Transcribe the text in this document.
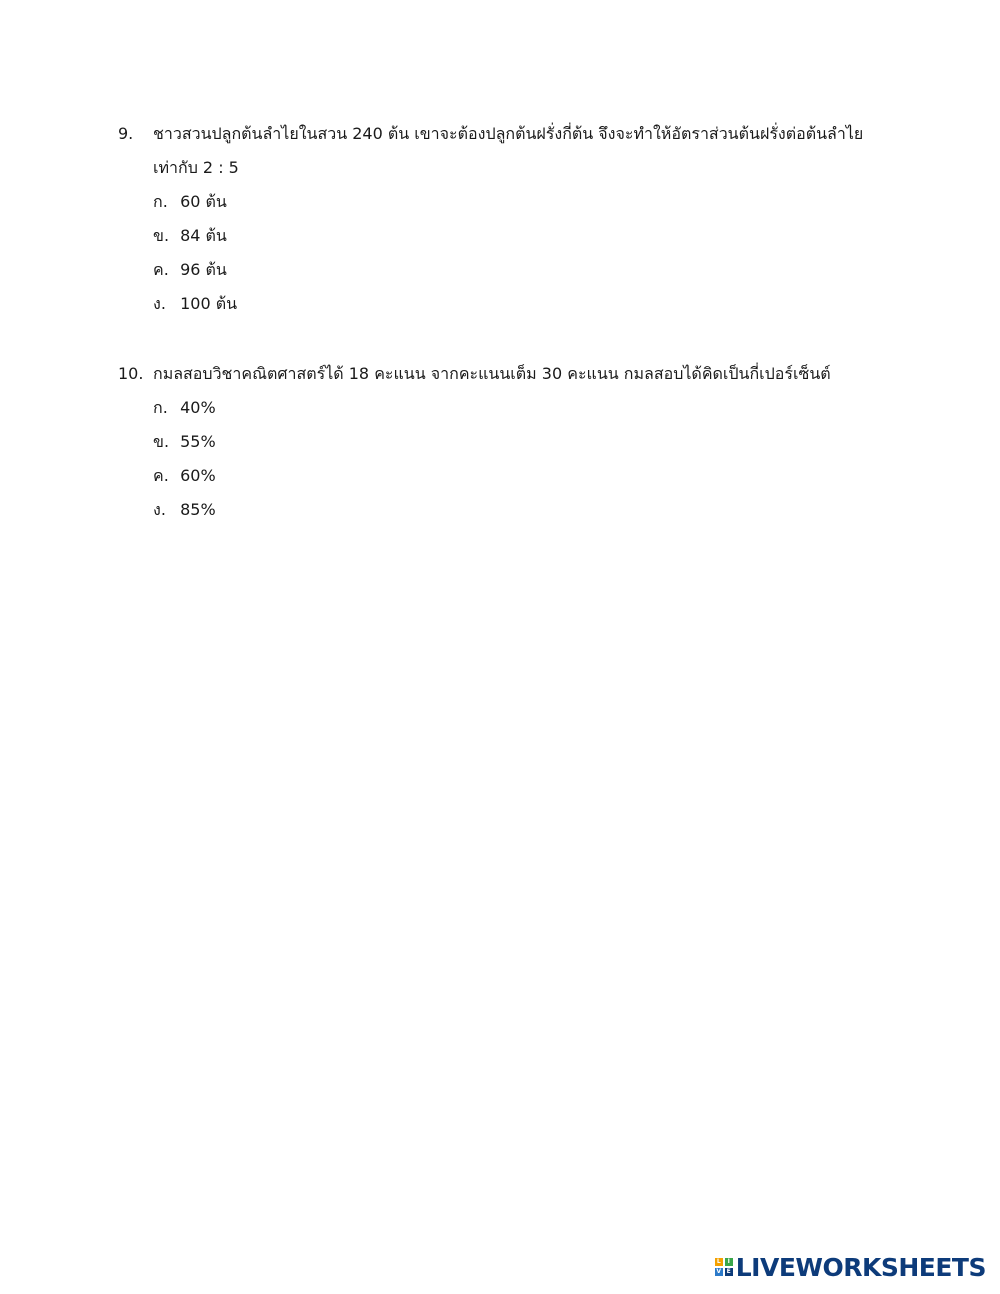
9. ชาวสวนปลูกต้นลำไยในสวน 240 ต้น เขาจะต้องปลูกต้นฝรั่งกี่ต้น จึงจะทำให้อัตราส่วนต้นฝรั่งต่อต้นลำไย
เท่ากับ 2 : 5
ก. 60 ต้น
ข. 84 ต้น
ค. 96 ต้น
ง. 100 ต้น
10. กมลสอบวิชาคณิตศาสตร์ได้ 18 คะแนน จากคะแนนเต็ม 30 คะแนน กมลสอบได้คิดเป็นกี่เปอร์เซ็นต์
ก. 40%
ข. 55%
ค. 60%
ง. 85%
L	I
V E LIVEWORKSHEETS
